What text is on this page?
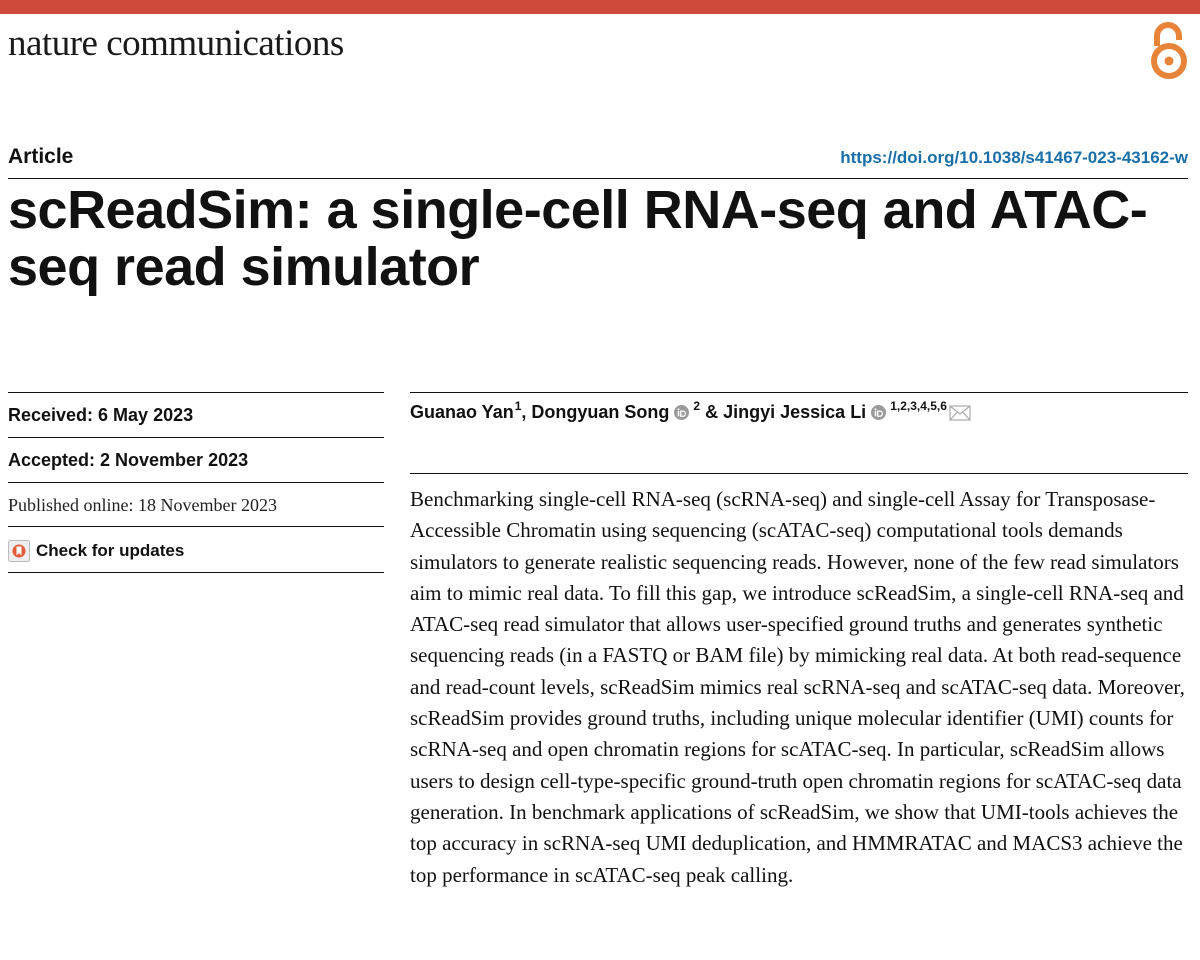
nature communications
Article	https://doi.org/10.1038/s41467-023-43162-w
scReadSim: a single-cell RNA-seq and ATAC-seq read simulator
Received: 6 May 2023
Accepted: 2 November 2023
Published online: 18 November 2023
Check for updates
Guanao Yan$^1$ , Dongyuan Song $^2$ & Jingyi Jessica Li $^{1,2,3,4,5,6}$

Benchmarking single-cell RNA-seq (scRNA-seq) and single-cell Assay for Transposase-Accessible Chromatin using sequencing (scATAC-seq) computational tools demands simulators to generate realistic sequencing reads. However, none of the few read simulators aim to mimic real data. To fill this gap, we introduce scReadSim, a single-cell RNA-seq and ATAC-seq read simulator that allows user-specified ground truths and generates synthetic sequencing reads (in a FASTQ or BAM file) by mimicking real data. At both read-sequence and read-count levels, scReadSim mimics real scRNA-seq and scATAC-seq data. Moreover, scReadSim provides ground truths, including unique molecular identifier (UMI) counts for scRNA-seq and open chromatin regions for scATAC-seq. In particular, scReadSim allows users to design cell-type-specific ground-truth open chromatin regions for scATAC-seq data generation. In benchmark applications of scReadSim, we show that UMI-tools achieves the top accuracy in scRNA-seq UMI deduplication, and HMMRATAC and MACS3 achieve the top performance in scATAC-seq peak calling.
